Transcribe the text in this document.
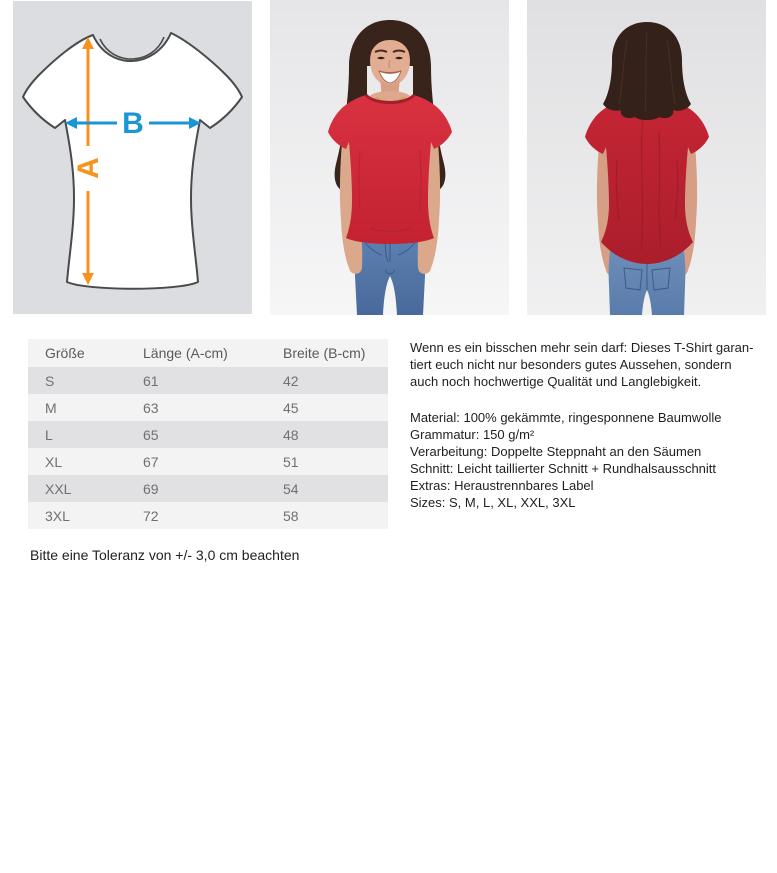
A
B
Größe	Länge (A-cm)	Breite (B-cm)
S	61	42
M	63	45
L	65	48
XL	67	51
XXL	69	54
3XL	72	58
Wenn es ein bisschen mehr sein darf: Dieses T-Shirt garan-
tiert euch nicht nur besonders gutes Aussehen, sondern
auch noch hochwertige Qualität und Langlebigkeit.
Material: 100% gekämmte, ringesponnene Baumwolle
Grammatur: 150 g/m²
Verarbeitung: Doppelte Steppnaht an den Säumen
Schnitt: Leicht taillierter Schnitt + Rundhalsausschnitt
Extras: Heraustrennbares Label
Sizes: S, M, L, XL, XXL, 3XL
Bitte eine Toleranz von +/- 3,0 cm beachten
